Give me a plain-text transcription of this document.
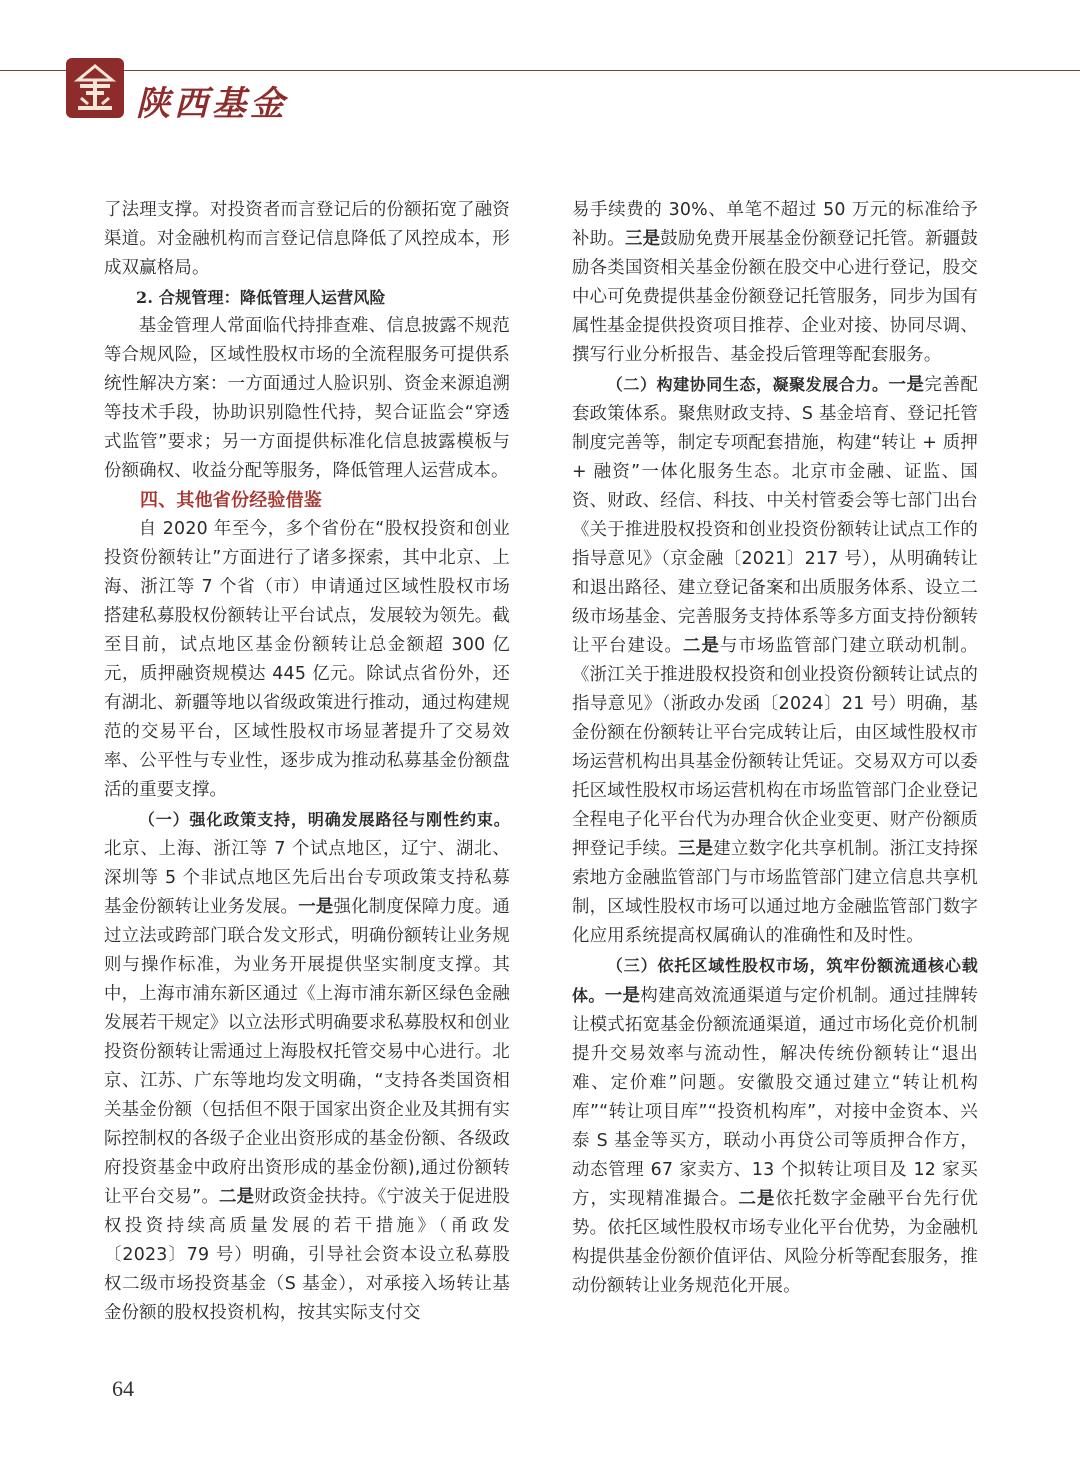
陕西基金

了法理支撑。对投资者而言登记后的份额拓宽了融资渠道。对金融机构而言登记信息降低了风控成本，形成双赢格局。

2. 合规管理：降低管理人运营风险

基金管理人常面临代持排查难、信息披露不规范等合规风险，区域性股权市场的全流程服务可提供系统性解决方案：一方面通过人脸识别、资金来源追溯等技术手段，协助识别隐性代持，契合证监会“穿透式监管”要求；另一方面提供标准化信息披露模板与份额确权、收益分配等服务，降低管理人运营成本。

四、其他省份经验借鉴

自 2020 年至今，多个省份在“股权投资和创业投资份额转让”方面进行了诸多探索，其中北京、上海、浙江等 7 个省（市）申请通过区域性股权市场搭建私募股权份额转让平台试点，发展较为领先。截至目前，试点地区基金份额转让总金额超 300 亿元，质押融资规模达 445 亿元。除试点省份外，还有湖北、新疆等地以省级政策进行推动，通过构建规范的交易平台，区域性股权市场显著提升了交易效率、公平性与专业性，逐步成为推动私募基金份额盘活的重要支撑。

（一）强化政策支持，明确发展路径与刚性约束。北京、上海、浙江等 7 个试点地区，辽宁、湖北、深圳等 5 个非试点地区先后出台专项政策支持私募基金份额转让业务发展。一是强化制度保障力度。通过立法或跨部门联合发文形式，明确份额转让业务规则与操作标准，为业务开展提供坚实制度支撑。其中，上海市浦东新区通过《上海市浦东新区绿色金融发展若干规定》以立法形式明确要求私募股权和创业投资份额转让需通过上海股权托管交易中心进行。北京、江苏、广东等地均发文明确，“支持各类国资相关基金份额（包括但不限于国家出资企业及其拥有实际控制权的各级子企业出资形成的基金份额、各级政府投资基金中政府出资形成的基金份额),通过份额转让平台交易”。二是财政资金扶持。《宁波关于促进股权投资持续高质量发展的若干措施》（甬政发〔2023〕79 号）明确，引导社会资本设立私募股权二级市场投资基金（S 基金），对承接入场转让基金份额的股权投资机构，按其实际支付交

易手续费的 30%、单笔不超过 50 万元的标准给予补助。三是鼓励免费开展基金份额登记托管。新疆鼓励各类国资相关基金份额在股交中心进行登记，股交中心可免费提供基金份额登记托管服务，同步为国有属性基金提供投资项目推荐、企业对接、协同尽调、撰写行业分析报告、基金投后管理等配套服务。

（二）构建协同生态，凝聚发展合力。一是完善配套政策体系。聚焦财政支持、S 基金培育、登记托管制度完善等，制定专项配套措施，构建“转让 + 质押 + 融资”一体化服务生态。北京市金融、证监、国资、财政、经信、科技、中关村管委会等七部门出台《关于推进股权投资和创业投资份额转让试点工作的指导意见》（京金融〔2021〕217 号），从明确转让和退出路径、建立登记备案和出质服务体系、设立二级市场基金、完善服务支持体系等多方面支持份额转让平台建设。二是与市场监管部门建立联动机制。《浙江关于推进股权投资和创业投资份额转让试点的指导意见》（浙政办发函〔2024〕21 号）明确，基金份额在份额转让平台完成转让后，由区域性股权市场运营机构出具基金份额转让凭证。交易双方可以委托区域性股权市场运营机构在市场监管部门企业登记全程电子化平台代为办理合伙企业变更、财产份额质押登记手续。三是建立数字化共享机制。浙江支持探索地方金融监管部门与市场监管部门建立信息共享机制，区域性股权市场可以通过地方金融监管部门数字化应用系统提高权属确认的准确性和及时性。

（三）依托区域性股权市场，筑牢份额流通核心载体。一是构建高效流通渠道与定价机制。通过挂牌转让模式拓宽基金份额流通渠道，通过市场化竞价机制提升交易效率与流动性，解决传统份额转让“退出难、定价难”问题。安徽股交通过建立“转让机构库”“转让项目库”“投资机构库”，对接中金资本、兴泰 S 基金等买方，联动小再贷公司等质押合作方，动态管理 67 家卖方、13 个拟转让项目及 12 家买方，实现精准撮合。二是依托数字金融平台先行优势。依托区域性股权市场专业化平台优势，为金融机构提供基金份额价值评估、风险分析等配套服务，推动份额转让业务规范化开展。

64
